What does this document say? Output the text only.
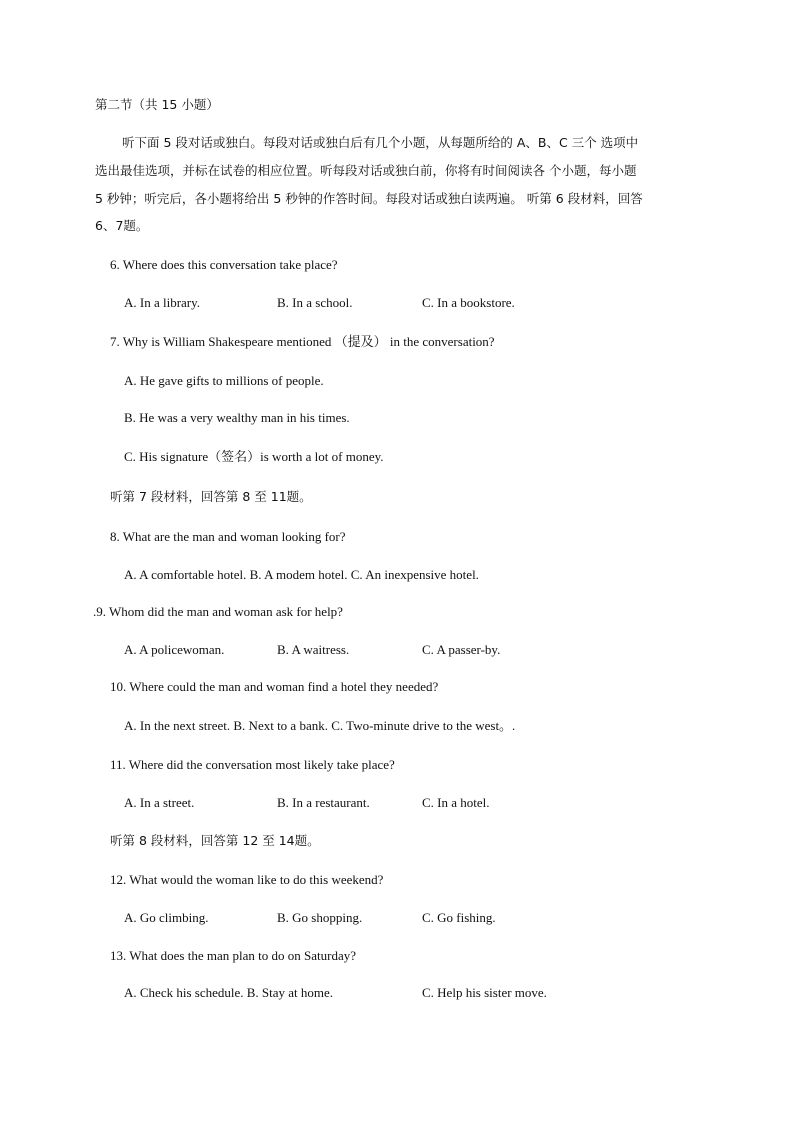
第二节（共 15 小题）
听下面 5 段对话或独白。每段对话或独白后有几个小题，从每题所给的 A、B、C 三个 选项中
选出最佳选项，并标在试卷的相应位置。听每段对话或独白前，你将有时间阅读各 个小题，每小题
5 秒钟；听完后，各小题将给出 5 秒钟的作答时间。每段对话或独白读两遍。 听第 6 段材料，回答
6、7题。
6. Where does this conversation take place?
A. In a library.	B. In a school.	C. In a bookstore.
7. Why is William Shakespeare mentioned （提及） in the conversation?
A. He gave gifts to millions of people.
B. He was a very wealthy man in his times.
C. His signature（签名）is worth a lot of money.
听第 7 段材料，回答第 8 至 11题。
8. What are the man and woman looking for?
A. A comfortable hotel. B. A modem hotel. C. An inexpensive hotel.
.9. Whom did the man and woman ask for help?
A. A policewoman.	B. A waitress.	C. A passer-by.
10. Where could the man and woman find a hotel they needed?
A. In the next street. B. Next to a bank. C. Two-minute drive to the west。.
11. Where did the conversation most likely take place?
A. In a street.	B. In a restaurant.	C. In a hotel.
听第 8 段材料，回答第 12 至 14题。
12. What would the woman like to do this weekend?
A. Go climbing.	B. Go shopping.	C. Go fishing.
13. What does the man plan to do on Saturday?
A. Check his schedule. B. Stay at home.	C. Help his sister move.
